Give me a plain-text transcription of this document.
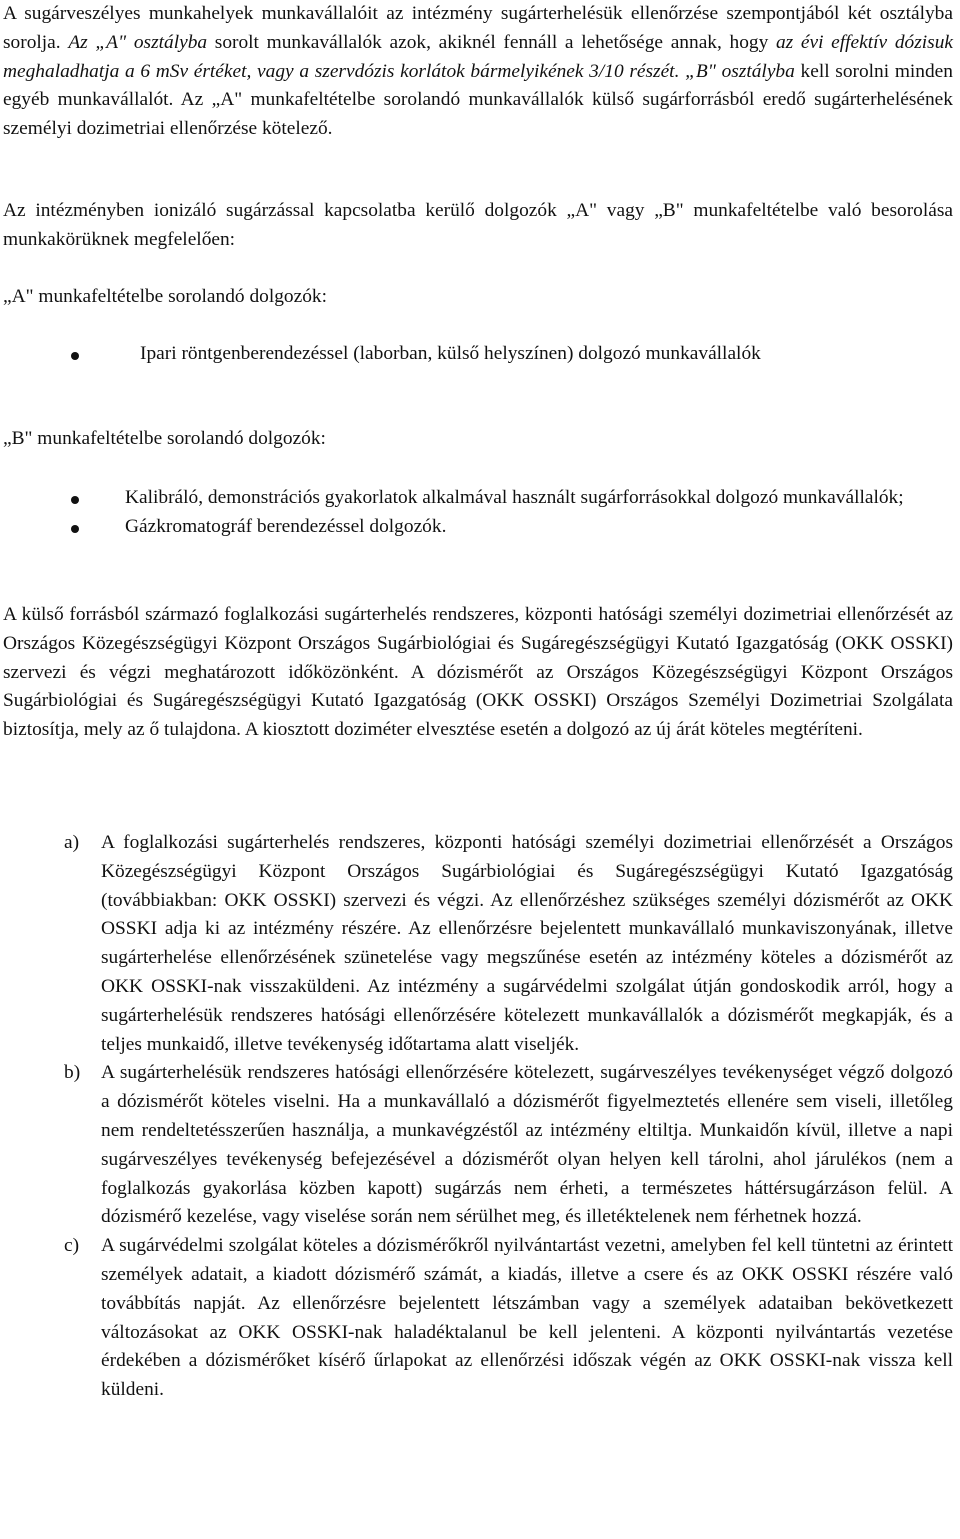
A sugárveszélyes munkahelyek munkavállalóit az intézmény sugárterhelésük ellenőrzése szempontjából két osztályba sorolja. Az „A" osztályba sorolt munkavállalók azok, akiknél fennáll a lehetősége annak, hogy az évi effektív dózisuk meghaladhatja a 6 mSv értéket, vagy a szervdózis korlátok bármelyikének 3/10 részét. „B" osztályba kell sorolni minden egyéb munkavállalót. Az „A" munkafeltételbe sorolandó munkavállalók külső sugárforrásból eredő sugárterhelésének személyi dozimetriai ellenőrzése kötelező.

Az intézményben ionizáló sugárzással kapcsolatba kerülő dolgozók „A" vagy „B" munkafeltételbe való besorolása munkakörüknek megfelelően:

„A" munkafeltételbe sorolandó dolgozók:

Ipari röntgenberendezéssel (laborban, külső helyszínen) dolgozó munkavállalók

„B" munkafeltételbe sorolandó dolgozók:

Kalibráló, demonstrációs gyakorlatok alkalmával használt sugárforrásokkal dolgozó munkavállalók;
Gázkromatográf berendezéssel dolgozók.

A külső forrásból származó foglalkozási sugárterhelés rendszeres, központi hatósági személyi dozimetriai ellenőrzését az Országos Közegészségügyi Központ Országos Sugárbiológiai és Sugáregészségügyi Kutató Igazgatóság (OKK OSSKI) szervezi és végzi meghatározott időközönként. A dózismérőt az Országos Közegészségügyi Központ Országos Sugárbiológiai és Sugáregészségügyi Kutató Igazgatóság (OKK OSSKI) Országos Személyi Dozimetriai Szolgálata biztosítja, mely az ő tulajdona. A kiosztott doziméter elvesztése esetén a dolgozó az új árát köteles megtéríteni.

a) A foglalkozási sugárterhelés rendszeres, központi hatósági személyi dozimetriai ellenőrzését a Országos Közegészségügyi Központ Országos Sugárbiológiai és Sugáregészségügyi Kutató Igazgatóság (továbbiakban: OKK OSSKI) szervezi és végzi. Az ellenőrzéshez szükséges személyi dózismérőt az OKK OSSKI adja ki az intézmény részére. Az ellenőrzésre bejelentett munkavállaló munkaviszonyának, illetve sugárterhelése ellenőrzésének szünetelése vagy megszűnése esetén az intézmény köteles a dózismérőt az OKK OSSKI-nak visszaküldeni. Az intézmény a sugárvédelmi szolgálat útján gondoskodik arról, hogy a sugárterhelésük rendszeres hatósági ellenőrzésére kötelezett munkavállalók a dózismérőt megkapják, és a teljes munkaidő, illetve tevékenység időtartama alatt viseljék.
b) A sugárterhelésük rendszeres hatósági ellenőrzésére kötelezett, sugárveszélyes tevékenységet végző dolgozó a dózismérőt köteles viselni. Ha a munkavállaló a dózismérőt figyelmeztetés ellenére sem viseli, illetőleg nem rendeltetésszerűen használja, a munkavégzéstől az intézmény eltiltja. Munkaidőn kívül, illetve a napi sugárveszélyes tevékenység befejezésével a dózismérőt olyan helyen kell tárolni, ahol járulékos (nem a foglalkozás gyakorlása közben kapott) sugárzás nem érheti, a természetes háttérsugárzáson felül. A dózismérő kezelése, vagy viselése során nem sérülhet meg, és illetéktelenek nem férhetnek hozzá.
c) A sugárvédelmi szolgálat köteles a dózismérőkről nyilvántartást vezetni, amelyben fel kell tüntetni az érintett személyek adatait, a kiadott dózismérő számát, a kiadás, illetve a csere és az OKK OSSKI részére való továbbítás napját. Az ellenőrzésre bejelentett létszámban vagy a személyek adataiban bekövetkezett változásokat az OKK OSSKI-nak haladéktalanul be kell jelenteni. A központi nyilvántartás vezetése érdekében a dózismérőket kísérő űrlapokat az ellenőrzési időszak végén az OKK OSSKI-nak vissza kell küldeni.
